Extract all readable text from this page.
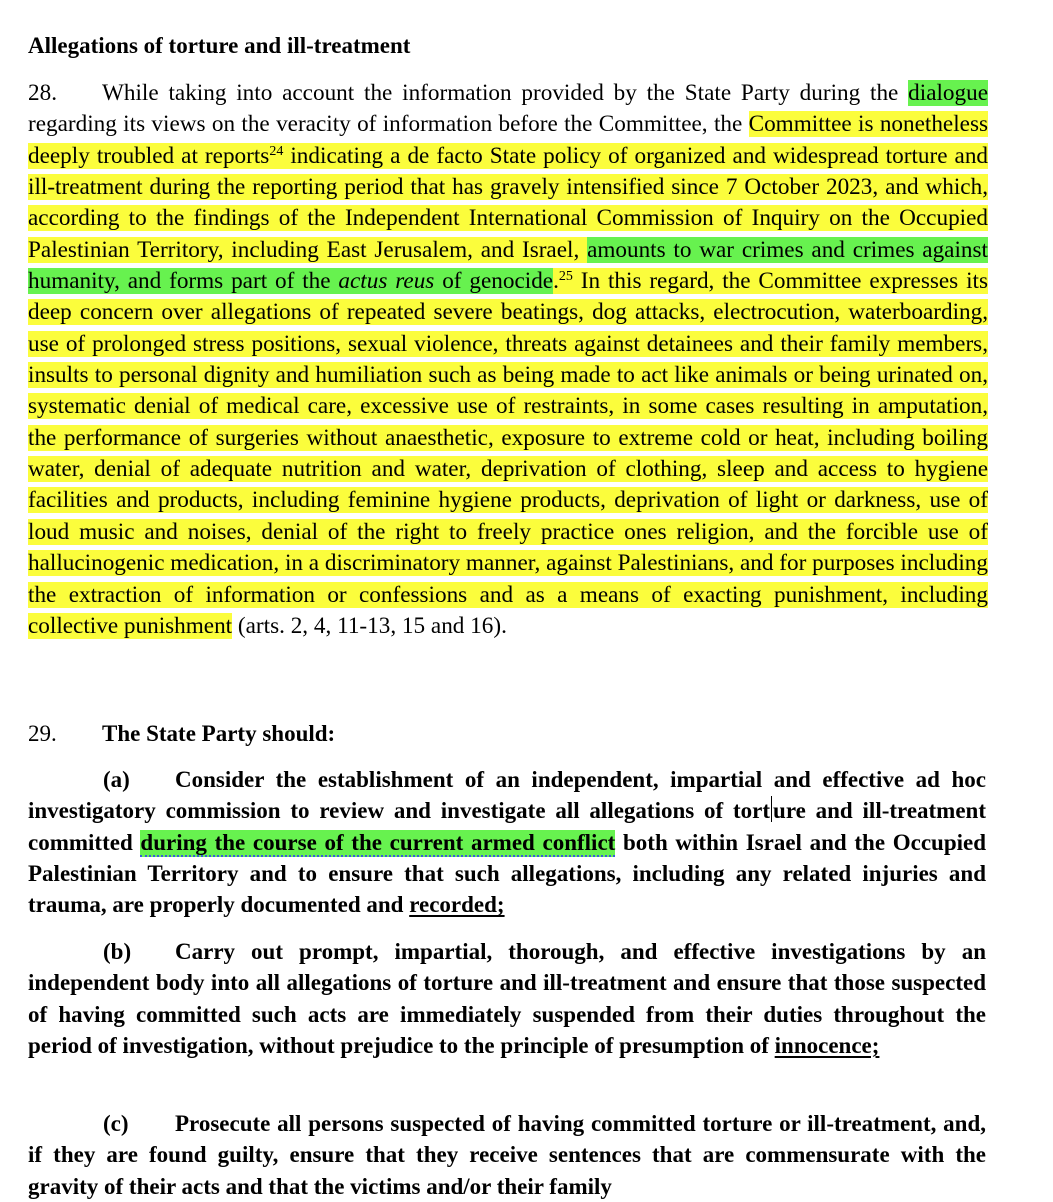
Allegations of torture and ill-treatment
28. While taking into account the information provided by the State Party during the dialogue regarding its views on the veracity of information before the Committee, the Committee is nonetheless deeply troubled at reports$^{24}$ indicating a de facto State policy of organized and widespread torture and ill-treatment during the reporting period that has gravely intensified since 7 October 2023, and which, according to the findings of the Independent International Commission of Inquiry on the Occupied Palestinian Territory, including East Jerusalem, and Israel, amounts to war crimes and crimes against humanity, and forms part of the actus reus of genocide.$^{25}$ In this regard, the Committee expresses its deep concern over allegations of repeated severe beatings, dog attacks, electrocution, waterboarding, use of prolonged stress positions, sexual violence, threats against detainees and their family members, insults to personal dignity and humiliation such as being made to act like animals or being urinated on, systematic denial of medical care, excessive use of restraints, in some cases resulting in amputation, the performance of surgeries without anaesthetic, exposure to extreme cold or heat, including boiling water, denial of adequate nutrition and water, deprivation of clothing, sleep and access to hygiene facilities and products, including feminine hygiene products, deprivation of light or darkness, use of loud music and noises, denial of the right to freely practice ones religion, and the forcible use of hallucinogenic medication, in a discriminatory manner, against Palestinians, and for purposes including the extraction of information or confessions and as a means of exacting punishment, including collective punishment (arts. 2, 4, 11-13, 15 and 16).
29. The State Party should:
(a) Consider the establishment of an independent, impartial and effective ad hoc investigatory commission to review and investigate all allegations of tort ure and ill-treatment committed during the course of the current armed conflict both within Israel and the Occupied Palestinian Territory and to ensure that such allegations, including any related injuries and trauma, are properly documented and recorded;
(b) Carry out prompt, impartial, thorough, and effective investigations by an independent body into all allegations of torture and ill-treatment and ensure that those suspected of having committed such acts are immediately suspended from their duties throughout the period of investigation, without prejudice to the principle of presumption of innocence;
(c) Prosecute all persons suspected of having committed torture or ill-treatment, and, if they are found guilty, ensure that they receive sentences that are commensurate with the gravity of their acts and that the victims and/or their family
